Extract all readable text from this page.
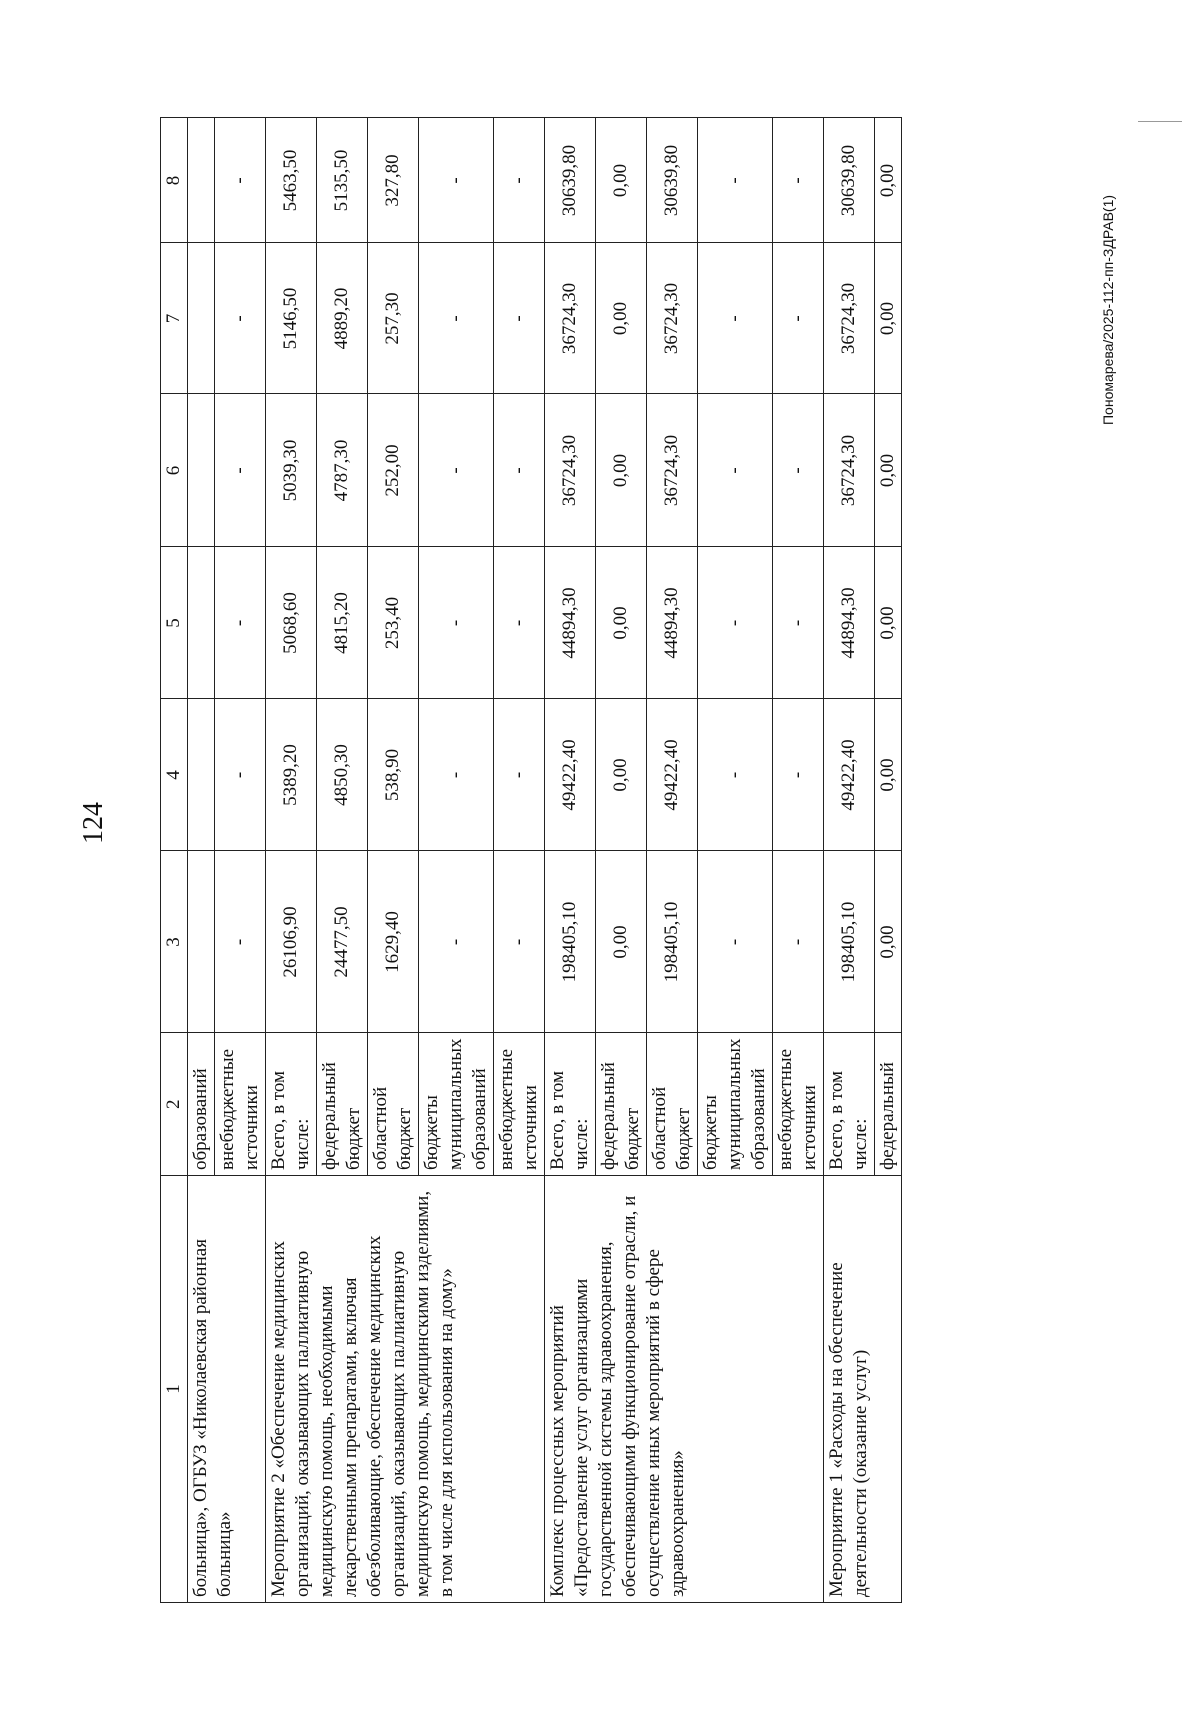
124
1	2	3	4	5	6	7	8
больница», ОГБУЗ «Николаевская районная больница»	образований						
	внебюджетные источники	-	-	-	-	-	-
Мероприятие 2 «Обеспечение медицинских организаций, оказывающих паллиативную медицинскую помощь, необходимыми лекарственными препаратами, включая обезболивающие, обеспечение медицинских организаций, оказывающих паллиативную медицинскую помощь, медицинскими изделиями, в том числе для использования на дому»	Всего, в том числе:	26106,90	5389,20	5068,60	5039,30	5146,50	5463,50
	федеральный бюджет	24477,50	4850,30	4815,20	4787,30	4889,20	5135,50
	областной бюджет	1629,40	538,90	253,40	252,00	257,30	327,80
	бюджеты муниципальных образований	-	-	-	-	-	-
	внебюджетные источники	-	-	-	-	-	-
Комплекс процессных мероприятий «Предоставление услуг организациями государственной системы здравоохранения, обеспечивающими функционирование отрасли, и осуществление иных мероприятий в сфере здравоохранения»	Всего, в том числе:	198405,10	49422,40	44894,30	36724,30	36724,30	30639,80
	федеральный бюджет	0,00	0,00	0,00	0,00	0,00	0,00
	областной бюджет	198405,10	49422,40	44894,30	36724,30	36724,30	30639,80
	бюджеты муниципальных образований	-	-	-	-	-	-
	внебюджетные источники	-	-	-	-	-	-
Мероприятие 1 «Расходы на обеспечение деятельности (оказание услуг)	Всего, в том числе:	198405,10	49422,40	44894,30	36724,30	36724,30	30639,80
	федеральный	0,00	0,00	0,00	0,00	0,00	0,00
Пономарева/2025-112-пп-ЗДРАВ(1)
